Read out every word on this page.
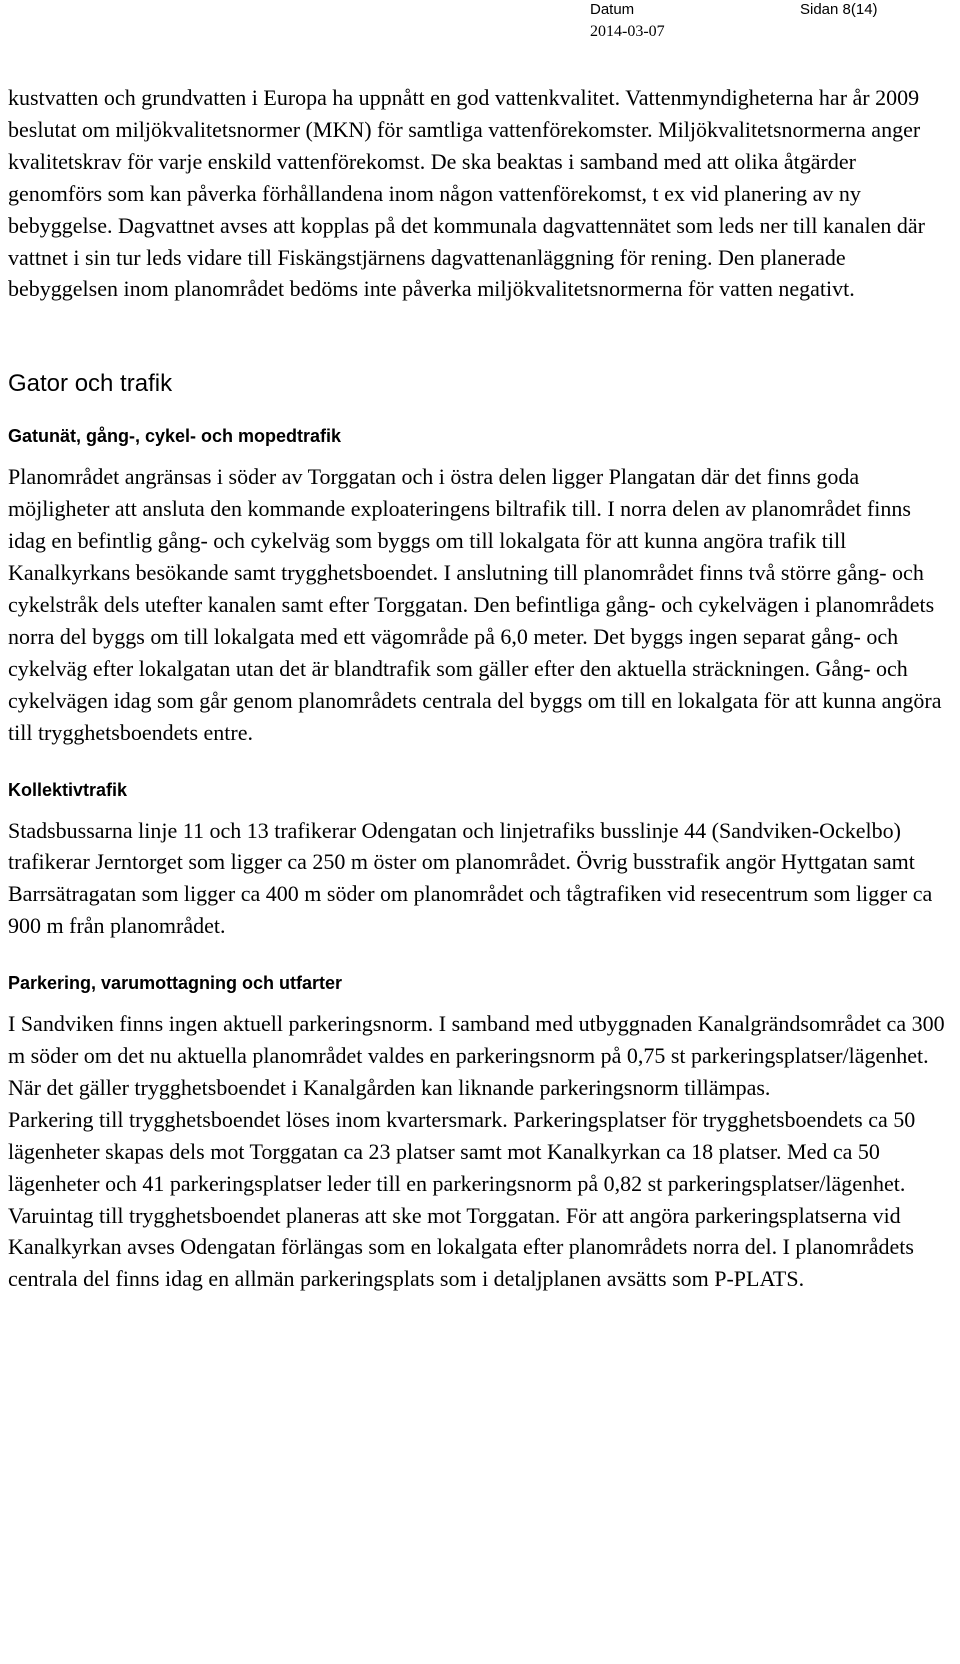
Datum
2014-03-07
Sidan 8(14)

kustvatten och grundvatten i Europa ha uppnått en god vattenkvalitet. Vattenmyndigheterna har år 2009 beslutat om miljökvalitetsnormer (MKN) för samtliga vattenförekomster. Miljökvalitetsnormerna anger kvalitetskrav för varje enskild vattenförekomst. De ska beaktas i samband med att olika åtgärder genomförs som kan påverka förhållandena inom någon vattenförekomst, t ex vid planering av ny bebyggelse. Dagvattnet avses att kopplas på det kommunala dagvattennätet som leds ner till kanalen där vattnet i sin tur leds vidare till Fiskängstjärnens dagvattenanläggning för rening. Den planerade bebyggelsen inom planområdet bedöms inte påverka miljökvalitetsnormerna för vatten negativt.

Gator och trafik
Gatunät, gång-, cykel- och mopedtrafik

Planområdet angränsas i söder av Torggatan och i östra delen ligger Plangatan där det finns goda möjligheter att ansluta den kommande exploateringens biltrafik till. I norra delen av planområdet finns idag en befintlig gång- och cykelväg som byggs om till lokalgata för att kunna angöra trafik till Kanalkyrkans besökande samt trygghetsboendet. I anslutning till planområdet finns två större gång- och cykelstråk dels utefter kanalen samt efter Torggatan. Den befintliga gång- och cykelvägen i planområdets norra del byggs om till lokalgata med ett vägområde på 6,0 meter. Det byggs ingen separat gång- och cykelväg efter lokalgatan utan det är blandtrafik som gäller efter den aktuella sträckningen. Gång- och cykelvägen idag som går genom planområdets centrala del byggs om till en lokalgata för att kunna angöra till trygghetsboendets entre.

Kollektivtrafik

Stadsbussarna linje 11 och 13 trafikerar Odengatan och linjetrafiks busslinje 44 (Sandviken-Ockelbo) trafikerar Jerntorget som ligger ca 250 m öster om planområdet. Övrig busstrafik angör Hyttgatan samt Barrsätragatan som ligger ca 400 m söder om planområdet och tågtrafiken vid resecentrum som ligger ca 900 m från planområdet.

Parkering, varumottagning och utfarter

I Sandviken finns ingen aktuell parkeringsnorm. I samband med utbyggnaden Kanalgrändsområdet ca 300 m söder om det nu aktuella planområdet valdes en parkeringsnorm på 0,75 st parkeringsplatser/lägenhet. När det gäller trygghetsboendet i Kanalgården kan liknande parkeringsnorm tillämpas.

Parkering till trygghetsboendet löses inom kvartersmark. Parkeringsplatser för trygghetsboendets ca 50 lägenheter skapas dels mot Torggatan ca 23 platser samt mot Kanalkyrkan ca 18 platser. Med ca 50 lägenheter och 41 parkeringsplatser leder till en parkeringsnorm på 0,82 st parkeringsplatser/lägenhet.

Varuintag till trygghetsboendet planeras att ske mot Torggatan. För att angöra parkeringsplatserna vid Kanalkyrkan avses Odengatan förlängas som en lokalgata efter planområdets norra del. I planområdets centrala del finns idag en allmän parkeringsplats som i detaljplanen avsätts som P-PLATS.
